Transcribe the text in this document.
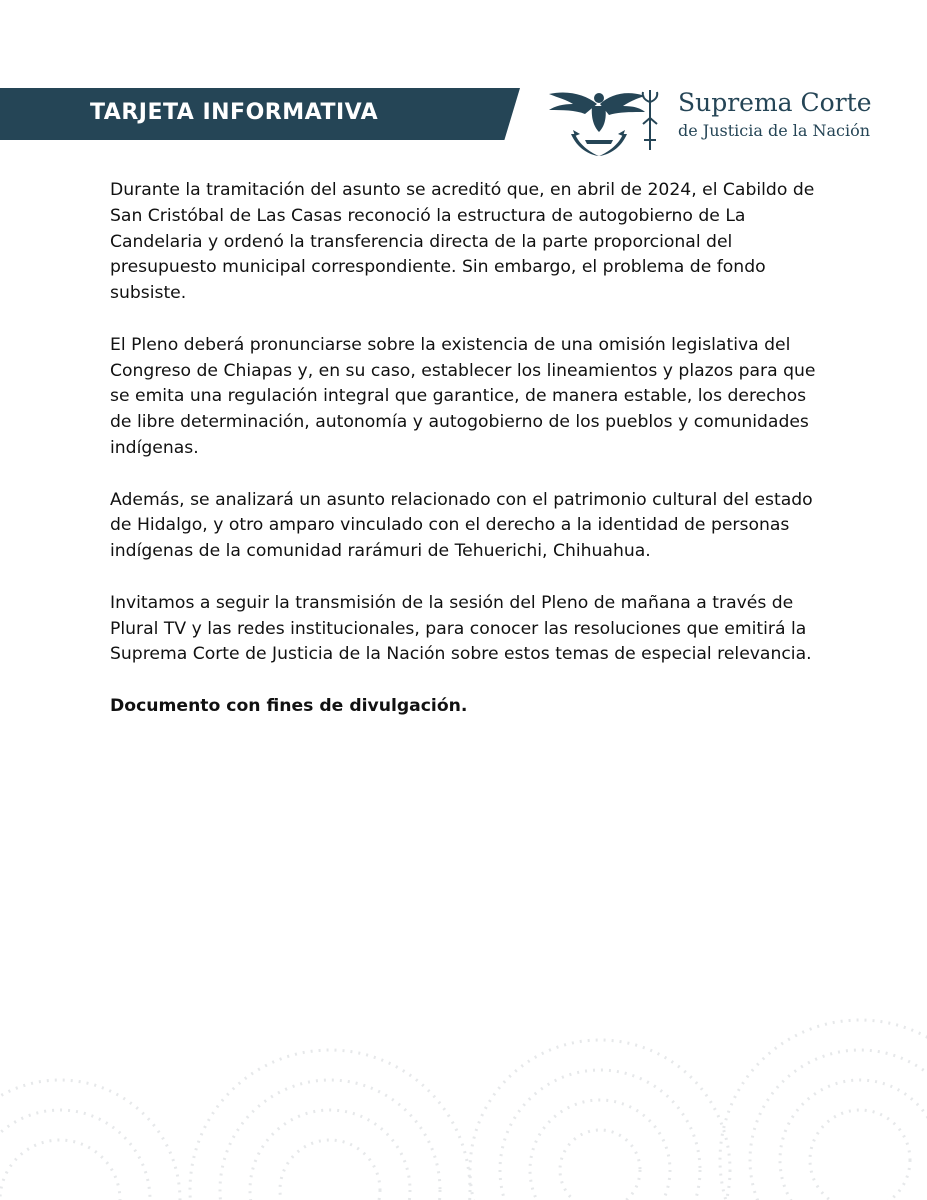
TARJETA INFORMATIVA	Suprema Corte
de Justicia de la Nación

Durante la tramitación del asunto se acreditó que, en abril de 2024, el Cabildo de San Cristóbal de Las Casas reconoció la estructura de autogobierno de La Candelaria y ordenó la transferencia directa de la parte proporcional del presupuesto municipal correspondiente. Sin embargo, el problema de fondo subsiste.

El Pleno deberá pronunciarse sobre la existencia de una omisión legislativa del Congreso de Chiapas y, en su caso, establecer los lineamientos y plazos para que se emita una regulación integral que garantice, de manera estable, los derechos de libre determinación, autonomía y autogobierno de los pueblos y comunidades indígenas.

Además, se analizará un asunto relacionado con el patrimonio cultural del estado de Hidalgo, y otro amparo vinculado con el derecho a la identidad de personas indígenas de la comunidad rarámuri de Tehuerichi, Chihuahua.

Invitamos a seguir la transmisión de la sesión del Pleno de mañana a través de Plural TV y las redes institucionales, para conocer las resoluciones que emitirá la Suprema Corte de Justicia de la Nación sobre estos temas de especial relevancia.

Documento con fines de divulgación.
